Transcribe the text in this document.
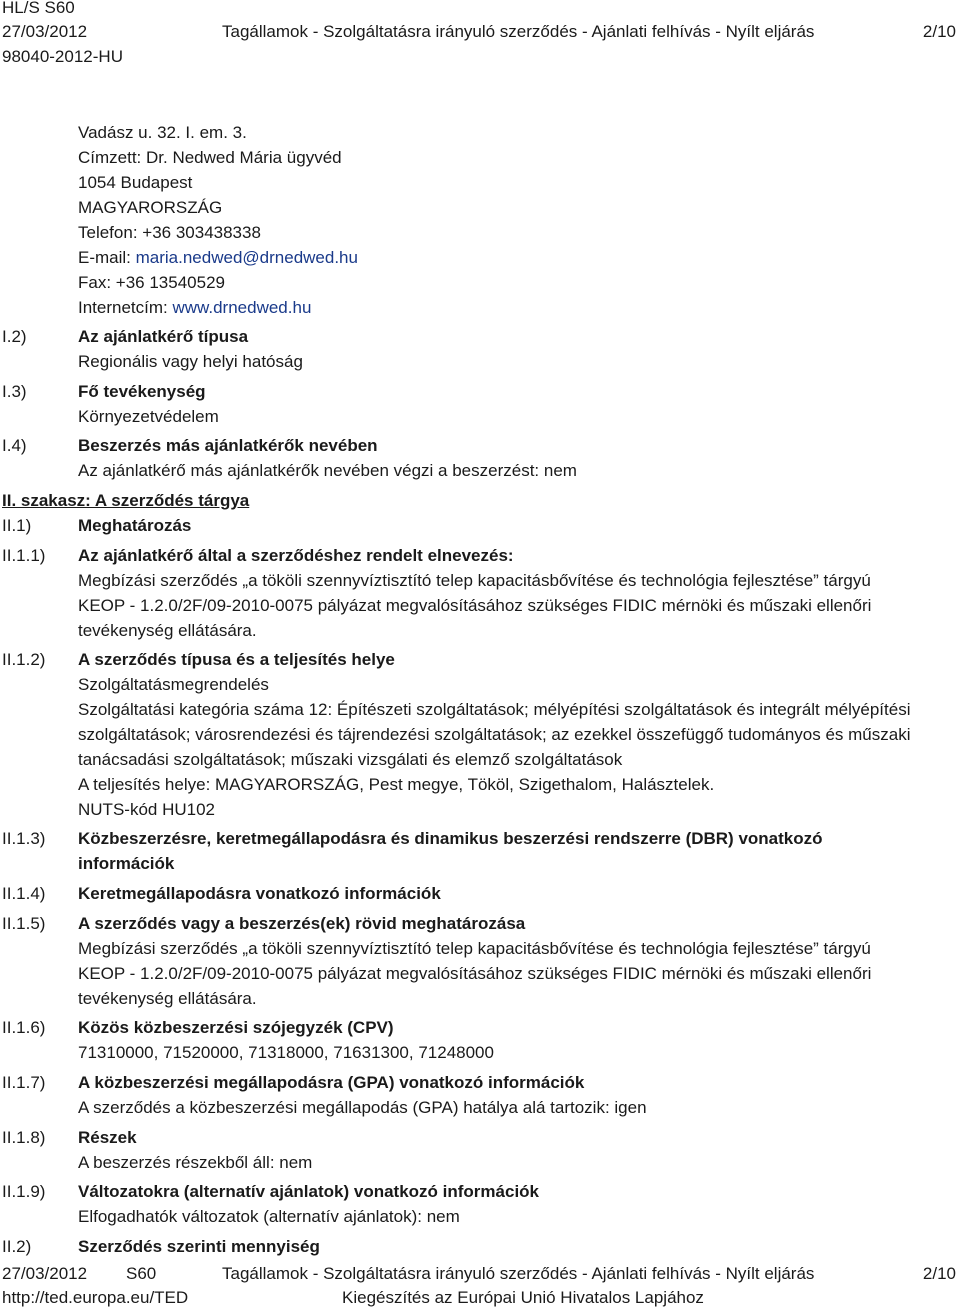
HL/S S60
27/03/2012	Tagállamok - Szolgáltatásra irányuló szerződés - Ajánlati felhívás - Nyílt eljárás	2/10
98040-2012-HU
Vadász u. 32. I. em. 3.
Címzett: Dr. Nedwed Mária ügyvéd
1054 Budapest
MAGYARORSZÁG
Telefon: +36 303438338
E-mail: maria.nedwed@drnedwed.hu
Fax: +36 13540529
Internetcím: www.drnedwed.hu
I.2)	Az ajánlatkérő típusa
Regionális vagy helyi hatóság
I.3)	Fő tevékenység
Környezetvédelem
I.4)	Beszerzés más ajánlatkérők nevében
Az ajánlatkérő más ajánlatkérők nevében végzi a beszerzést: nem
II. szakasz: A szerződés tárgya
II.1)	Meghatározás
II.1.1) Az ajánlatkérő által a szerződéshez rendelt elnevezés:
Megbízási szerződés „a tököli szennyvíztisztító telep kapacitásbővítése és technológia fejlesztése” tárgyú
KEOP - 1.2.0/2F/09-2010-0075 pályázat megvalósításához szükséges FIDIC mérnöki és műszaki ellenőri
tevékenység ellátására.
II.1.2) A szerződés típusa és a teljesítés helye
Szolgáltatásmegrendelés
Szolgáltatási kategória száma 12: Építészeti szolgáltatások; mélyépítési szolgáltatások és integrált mélyépítési
szolgáltatások; városrendezési és tájrendezési szolgáltatások; az ezekkel összefüggő tudományos és műszaki
tanácsadási szolgáltatások; műszaki vizsgálati és elemző szolgáltatások
A teljesítés helye: MAGYARORSZÁG, Pest megye, Tököl, Szigethalom, Halásztelek.
NUTS-kód HU102
II.1.3) Közbeszerzésre, keretmegállapodásra és dinamikus beszerzési rendszerre (DBR) vonatkozó
információk
II.1.4) Keretmegállapodásra vonatkozó információk
II.1.5) A szerződés vagy a beszerzés(ek) rövid meghatározása
Megbízási szerződés „a tököli szennyvíztisztító telep kapacitásbővítése és technológia fejlesztése” tárgyú
KEOP - 1.2.0/2F/09-2010-0075 pályázat megvalósításához szükséges FIDIC mérnöki és műszaki ellenőri
tevékenység ellátására.
II.1.6) Közös közbeszerzési szójegyzék (CPV)
71310000, 71520000, 71318000, 71631300, 71248000
II.1.7) A közbeszerzési megállapodásra (GPA) vonatkozó információk
A szerződés a közbeszerzési megállapodás (GPA) hatálya alá tartozik: igen
II.1.8) Részek
A beszerzés részekből áll: nem
II.1.9) Változatokra (alternatív ajánlatok) vonatkozó információk
Elfogadhatók változatok (alternatív ajánlatok): nem
II.2)	Szerződés szerinti mennyiség
27/03/2012 S60	Tagállamok - Szolgáltatásra irányuló szerződés - Ajánlati felhívás - Nyílt eljárás	2/10
http://ted.europa.eu/TED	Kiegészítés az Európai Unió Hivatalos Lapjához
